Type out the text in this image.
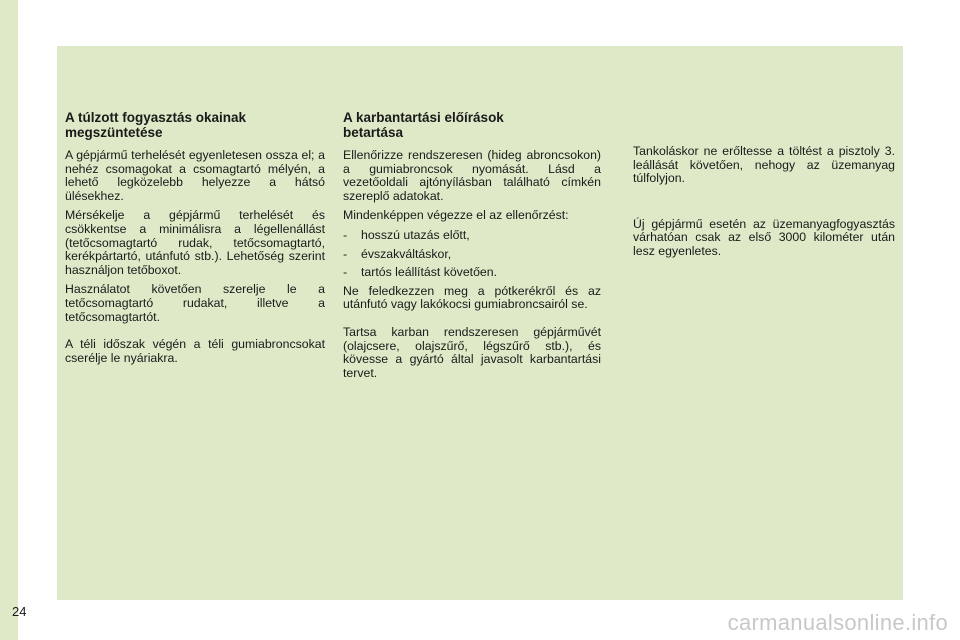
A túlzott fogyasztás okainak
megszüntetése

A gépjármű terhelését egyenletesen ossza el; a nehéz csomagokat a csomagtartó mélyén, a lehető legközelebb helyezze a hátsó ülésekhez.

Mérsékelje a gépjármű terhelését és csökkentse a minimálisra a légellenállást (tetőcsomagtartó rudak, tetőcsomagtartó, kerékpártartó, utánfutó stb.). Lehetőség szerint használjon tetőboxot.

Használatot követően szerelje le a tetőcsomagtartó rudakat, illetve a tetőcsomagtartót.

A téli időszak végén a téli gumiabroncsokat cserélje le nyáriakra.

A karbantartási előírások
betartása

Ellenőrizze rendszeresen (hideg abroncsokon) a gumiabroncsok nyomását. Lásd a vezetőoldali ajtónyílásban található címkén szereplő adatokat.

Mindenképpen végezze el az ellenőrzést:

-	hosszú utazás előtt,
-	évszakváltáskor,
-	tartós leállítást követően.

Ne feledkezzen meg a pótkerékről és az utánfutó vagy lakókocsi gumiabroncsairól se.

Tartsa karban rendszeresen gépjárművét (olajcsere, olajszűrő, légszűrő stb.), és kövesse a gyártó által javasolt karbantartási tervet.

Tankoláskor ne erőltesse a töltést a pisztoly 3. leállását követően, nehogy az üzemanyag túlfolyjon.

Új gépjármű esetén az üzemanyagfogyasztás várhatóan csak az első 3000 kilométer után lesz egyenletes.

24	carmanualsonline.info
